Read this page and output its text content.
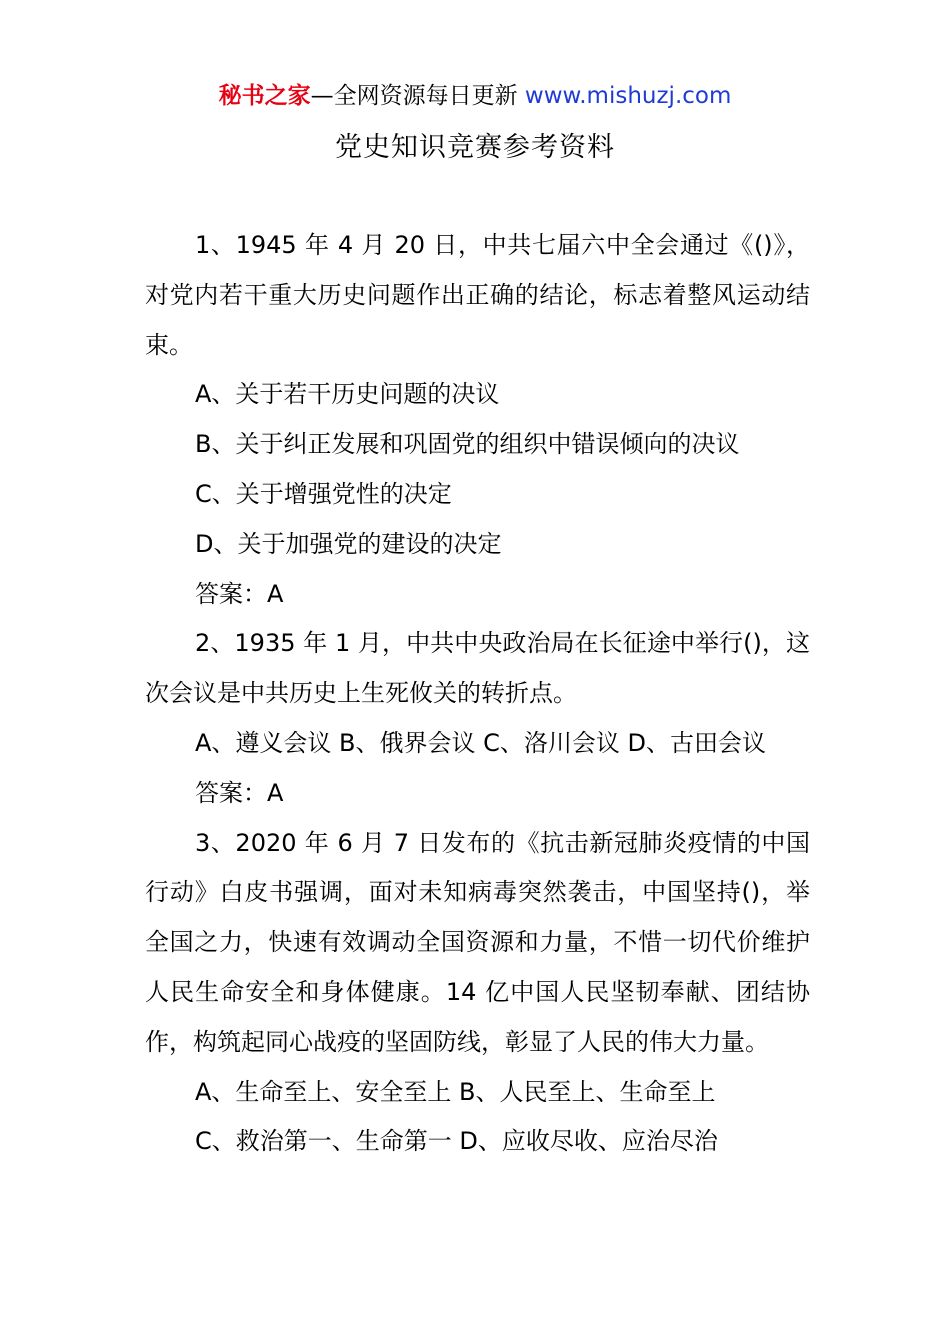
秘书之家—全网资源每日更新 www.mishuzj.com
党史知识竞赛参考资料

1、1945 年 4 月 20 日，中共七届六中全会通过《()》，对党内若干重大历史问题作出正确的结论，标志着整风运动结束。

A、关于若干历史问题的决议

B、关于纠正发展和巩固党的组织中错误倾向的决议

C、关于增强党性的决定

D、关于加强党的建设的决定

答案：A

2、1935 年 1 月，中共中央政治局在长征途中举行()，这次会议是中共历史上生死攸关的转折点。

A、遵义会议 B、俄界会议 C、洛川会议 D、古田会议

答案：A

3、2020 年 6 月 7 日发布的《抗击新冠肺炎疫情的中国行动》白皮书强调，面对未知病毒突然袭击，中国坚持()，举全国之力，快速有效调动全国资源和力量，不惜一切代价维护人民生命安全和身体健康。14 亿中国人民坚韧奉献、团结协作，构筑起同心战疫的坚固防线，彰显了人民的伟大力量。

A、生命至上、安全至上 B、人民至上、生命至上

C、救治第一、生命第一 D、应收尽收、应治尽治
